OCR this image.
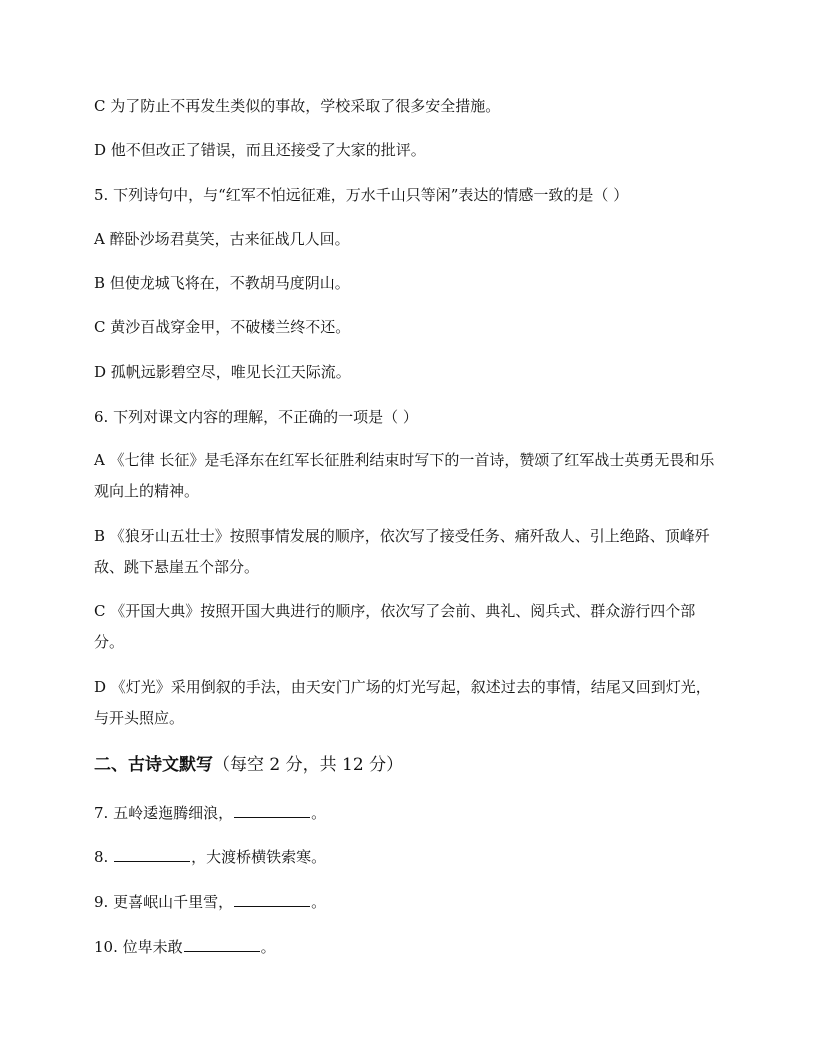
C 为了防止不再发生类似的事故，学校采取了很多安全措施。
D 他不但改正了错误，而且还接受了大家的批评。
5. 下列诗句中，与“红军不怕远征难，万水千山只等闲”表达的情感一致的是（ ）
A 醉卧沙场君莫笑，古来征战几人回。
B 但使龙城飞将在，不教胡马度阴山。
C 黄沙百战穿金甲，不破楼兰终不还。
D 孤帆远影碧空尽，唯见长江天际流。
6. 下列对课文内容的理解，不正确的一项是（ ）
A 《七律 长征》是毛泽东在红军长征胜利结束时写下的一首诗，赞颂了红军战士英勇无畏和乐观向上的精神。
B 《狼牙山五壮士》按照事情发展的顺序，依次写了接受任务、痛歼敌人、引上绝路、顶峰歼敌、跳下悬崖五个部分。
C 《开国大典》按照开国大典进行的顺序，依次写了会前、典礼、阅兵式、群众游行四个部分。
D 《灯光》采用倒叙的手法，由天安门广场的灯光写起，叙述过去的事情，结尾又回到灯光，与开头照应。
二、古诗文默写（每空 2 分，共 12 分）
7. 五岭逶迤腾细浪，	。
8.	，大渡桥横铁索寒。
9. 更喜岷山千里雪，	。
10. 位卑未敢	。
